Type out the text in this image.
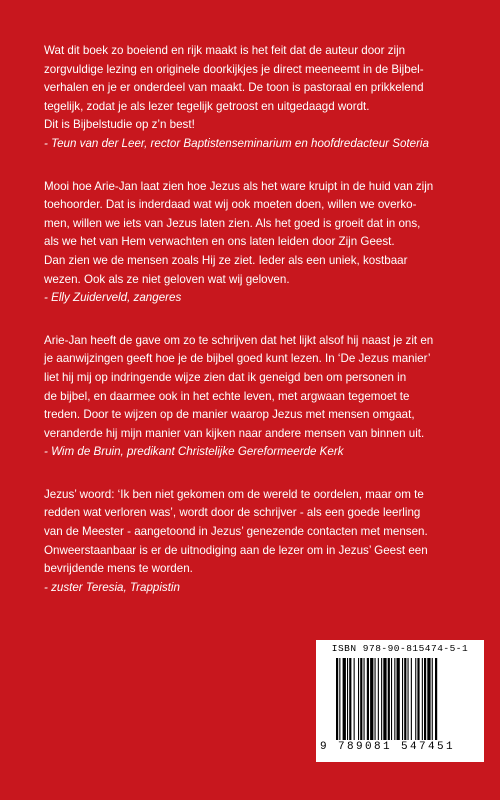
Wat dit boek zo boeiend en rijk maakt is het feit dat de auteur door zijn
zorgvuldige lezing en originele doorkijkjes je direct meeneemt in de Bijbel-
verhalen en je er onderdeel van maakt. De toon is pastoraal en prikkelend
tegelijk, zodat je als lezer tegelijk getroost en uitgedaagd wordt.
Dit is Bijbelstudie op z’n best!
- Teun van der Leer, rector Baptistenseminarium en hoofdredacteur Soteria
Mooi hoe Arie-Jan laat zien hoe Jezus als het ware kruipt in de huid van zijn
toehoorder. Dat is inderdaad wat wij ook moeten doen, willen we overko-
men, willen we iets van Jezus laten zien. Als het goed is groeit dat in ons,
als we het van Hem verwachten en ons laten leiden door Zijn Geest.
Dan zien we de mensen zoals Hij ze ziet. Ieder als een uniek, kostbaar
wezen. Ook als ze niet geloven wat wij geloven.
- Elly Zuiderveld, zangeres
Arie-Jan heeft de gave om zo te schrijven dat het lijkt alsof hij naast je zit en
je aanwijzingen geeft hoe je de bijbel goed kunt lezen. In ‘De Jezus manier’
liet hij mij op indringende wijze zien dat ik geneigd ben om personen in
de bijbel, en daarmee ook in het echte leven, met argwaan tegemoet te
treden. Door te wijzen op de manier waarop Jezus met mensen omgaat,
veranderde hij mijn manier van kijken naar andere mensen van binnen uit.
- Wim de Bruin, predikant Christelijke Gereformeerde Kerk
Jezus’ woord: ‘Ik ben niet gekomen om de wereld te oordelen, maar om te
redden wat verloren was’, wordt door de schrijver - als een goede leerling
van de Meester - aangetoond in Jezus’ genezende contacten met mensen.
Onweerstaanbaar is er de uitnodiging aan de lezer om in Jezus’ Geest een
bevrijdende mens te worden.
- zuster Teresia, Trappistin
ISBN 978-90-815474-5-1
9 789081 547451
